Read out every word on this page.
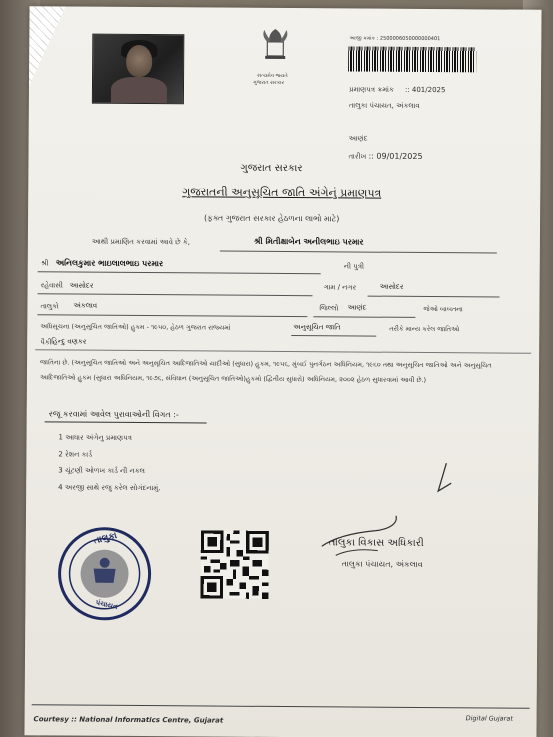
સત્યમેવ જયતે
ગુજરાત સરકાર
આજી ક્રમાંક : 2500006050000000401
પ્રમાણપત્ર ક્રમાંક :: 401/2025
તાલુકા પંચાયત, અંકલાવ
આણંદ
તારીખ :: 09/01/2025
ગુજરાત સરકાર
ગુજરાતની અનુસૂચિત જાતિ અંગેનું પ્રમાણપત્ર
(ફક્ત ગુજરાત સરકાર હેઠળના લાભો માટે)
આથી પ્રમાણિત કરવામાં આવે છે કે,	શ્રી મિતીક્ષાબેન અનીલભાઇ પરમાર
શ્રી અનિલકુમાર ભાઇલાલભાઇ પરમાર	ની પુત્રી
રહેવાસી આસોદર	ગામ / નગર	આસોદર
તાલુકો અંકલાવ	જિલ્લો આણંદ	જેઓ બાબતના
અધિસૂચના (અનુસૂચિત જાતિઓ) હુકમ - ૧૯૫૦, હેઠળ ગુજરાત રાજ્યમાં	અનુસૂચિત જાતિ	તરીકે માન્ય કરેલ જાતિઓ
પૈકી હિન્દુ વણકર
જાતિના છે. (અનુસૂચિત જાતિઓ અને અનુસૂચિત આદિજાતિઓ યાદીઓ (સુધારા) હુકમ, ૧૯૫૬, મુંબઈ પુનર્ગઠન અધિનિયમ, ૧૯૬૦ તથા અનુસૂચિત જાતિઓ અને અનુસૂચિત આદિજાતિઓ હુકમ (સુધારા અધિનિયમ, ૧૯૭૬, સંવિધાન (અનુસૂચિત જાતિઓ)હુકમો (દ્વિતીય સુધારો) અધિનિયમ, ૨૦૦૨ હેઠળ સુધારવામાં આવી છે.)
રજૂ કરવામાં આવેલ પુરાવાઓની વિગત :-
1 આધાર અંગેનુ પ્રમાણપત્ર
2 રેશન કાર્ડ
3 ચૂંટણી ઓળખ કાર્ડ ની નકલ
4 અરજી સાથે રજુ કરેલ સોગંદનામું.
તાલુકા
પંચાયત
તાલુકા વિકાસ અધિકારી
તાલુકા પંચાયત, અંકલાવ
Courtesy :: National Informatics Centre, Gujarat	Digital Gujarat
